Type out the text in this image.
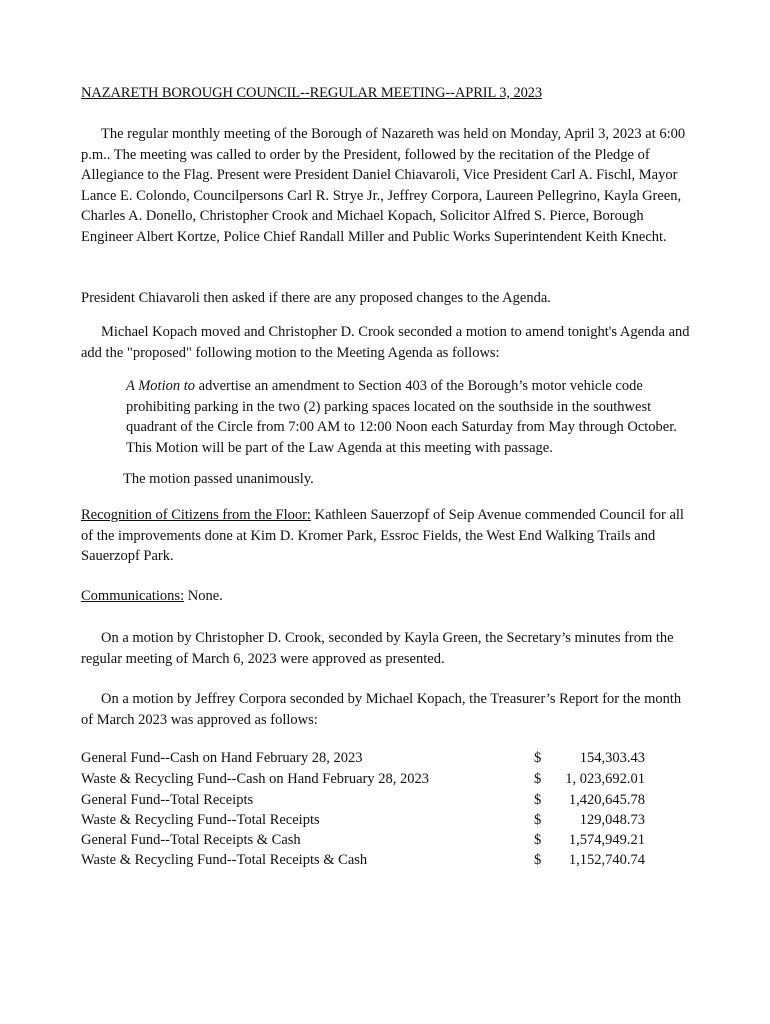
NAZARETH BOROUGH COUNCIL--REGULAR MEETING--APRIL 3, 2023

The regular monthly meeting of the Borough of Nazareth was held on Monday, April 3, 2023 at 6:00 p.m.. The meeting was called to order by the President, followed by the recitation of the Pledge of Allegiance to the Flag. Present were President Daniel Chiavaroli, Vice President Carl A. Fischl, Mayor Lance E. Colondo, Councilpersons Carl R. Strye Jr., Jeffrey Corpora, Laureen Pellegrino, Kayla Green, Charles A. Donello, Christopher Crook and Michael Kopach, Solicitor Alfred S. Pierce, Borough Engineer Albert Kortze, Police Chief Randall Miller and Public Works Superintendent Keith Knecht.

President Chiavaroli then asked if there are any proposed changes to the Agenda.

Michael Kopach moved and Christopher D. Crook seconded a motion to amend tonight's Agenda and add the "proposed" following motion to the Meeting Agenda as follows:

A Motion to advertise an amendment to Section 403 of the Borough’s motor vehicle code prohibiting parking in the two (2) parking spaces located on the southside in the southwest quadrant of the Circle from 7:00 AM to 12:00 Noon each Saturday from May through October. This Motion will be part of the Law Agenda at this meeting with passage.

The motion passed unanimously.

Recognition of Citizens from the Floor: Kathleen Sauerzopf of Seip Avenue commended Council for all of the improvements done at Kim D. Kromer Park, Essroc Fields, the West End Walking Trails and Sauerzopf Park.

Communications: None.

On a motion by Christopher D. Crook, seconded by Kayla Green, the Secretary’s minutes from the regular meeting of March 6, 2023 were approved as presented.

On a motion by Jeffrey Corpora seconded by Michael Kopach, the Treasurer’s Report for the month of March 2023 was approved as follows:

General Fund--Cash on Hand February 28, 2023	$	154,303.43
Waste & Recycling Fund--Cash on Hand February 28, 2023	$ 1, 023,692.01
General Fund--Total Receipts	$ 1,420,645.78
Waste & Recycling Fund--Total Receipts	$	129,048.73
General Fund--Total Receipts & Cash	$ 1,574,949.21
Waste & Recycling Fund--Total Receipts & Cash	$ 1,152,740.74
